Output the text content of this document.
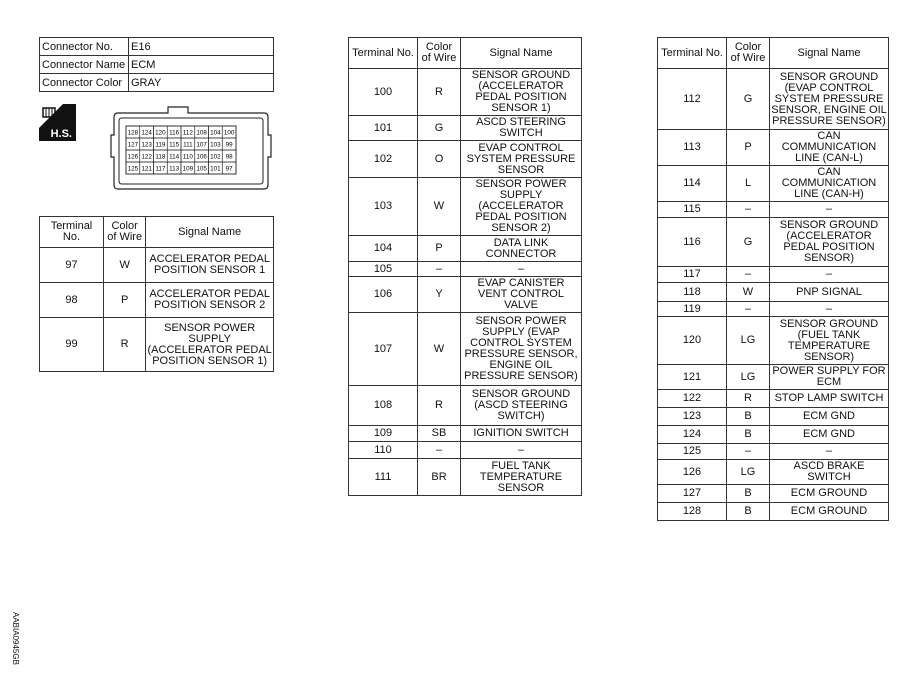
Connector No.	E16
Connector Name	ECM
Connector Color	GRAY
H.S.	128 124 120 116 112 108 104 100
127 123 119 115 111 107 103 99
126 122 118 114 110 106 102 98
125 121 117 113 109 105 101 97
Terminal No.	Color of Wire	Signal Name
97	W	ACCELERATOR PEDAL POSITION SENSOR 1
98	P	ACCELERATOR PEDAL POSITION SENSOR 2
99	R	SENSOR POWER SUPPLY (ACCELERATOR PEDAL POSITION SENSOR 1)
Terminal No.	Color of Wire	Signal Name
100	R	SENSOR GROUND (ACCELERATOR PEDAL POSITION SENSOR 1)
101	G	ASCD STEERING SWITCH
102	O	EVAP CONTROL SYSTEM PRESSURE SENSOR
103	W	SENSOR POWER SUPPLY (ACCELERATOR PEDAL POSITION SENSOR 2)
104	P	DATA LINK CONNECTOR
105	–	–
106	Y	EVAP CANISTER VENT CONTROL VALVE
107	W	SENSOR POWER SUPPLY (EVAP CONTROL SYSTEM PRESSURE SENSOR, ENGINE OIL PRESSURE SENSOR)
108	R	SENSOR GROUND (ASCD STEERING SWITCH)
109	SB	IGNITION SWITCH
110	–	–
111	BR	FUEL TANK TEMPERATURE SENSOR
Terminal No.	Color of Wire	Signal Name
112	G	SENSOR GROUND (EVAP CONTROL SYSTEM PRESSURE SENSOR, ENGINE OIL PRESSURE SENSOR)
113	P	CAN COMMUNICATION LINE (CAN-L)
114	L	CAN COMMUNICATION LINE (CAN-H)
115	–	–
116	G	SENSOR GROUND (ACCELERATOR PEDAL POSITION SENSOR)
117	–	–
118	W	PNP SIGNAL
119	–	–
120	LG	SENSOR GROUND (FUEL TANK TEMPERATURE SENSOR)
121	LG	POWER SUPPLY FOR ECM
122	R	STOP LAMP SWITCH
123	B	ECM GND
124	B	ECM GND
125	–	–
126	LG	ASCD BRAKE SWITCH
127	B	ECM GROUND
128	B	ECM GROUND
AABIA0945GB
